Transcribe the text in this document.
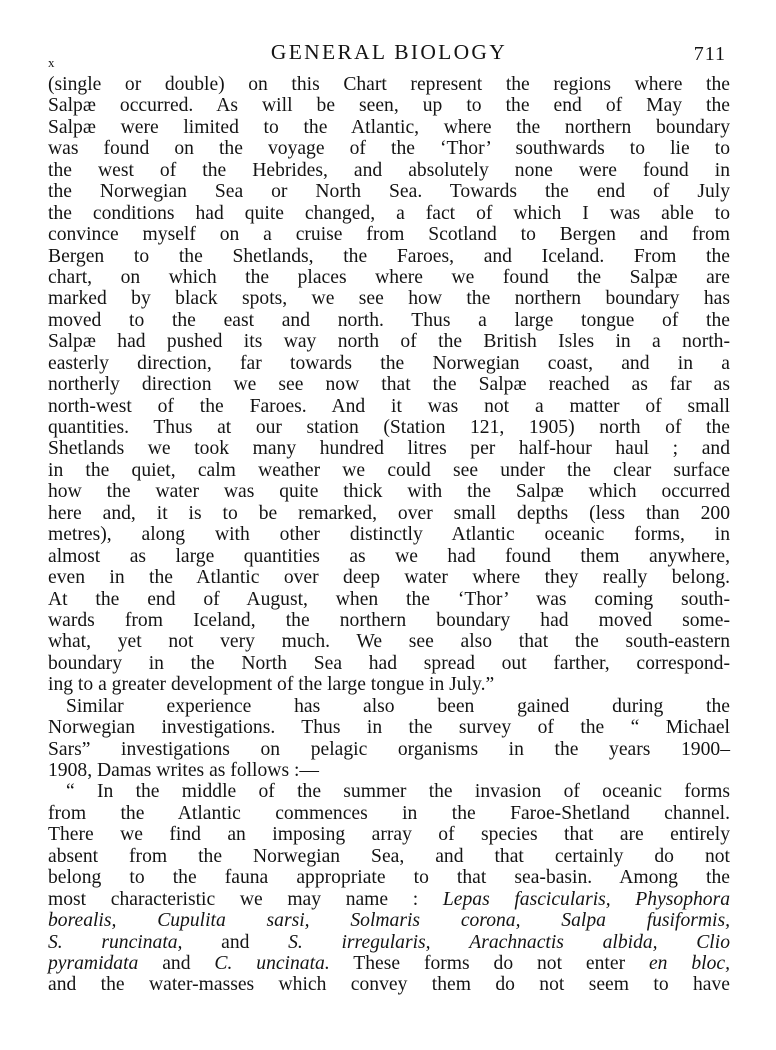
x	GENERAL BIOLOGY	711
(single or double) on this Chart represent the regions where the
Salpæ occurred. As will be seen, up to the end of May the
Salpæ were limited to the Atlantic, where the northern boundary
was found on the voyage of the ‘Thor’ southwards to lie to
the west of the Hebrides, and absolutely none were found in
the Norwegian Sea or North Sea. Towards the end of July
the conditions had quite changed, a fact of which I was able to
convince myself on a cruise from Scotland to Bergen and from
Bergen to the Shetlands, the Faroes, and Iceland. From the
chart, on which the places where we found the Salpæ are
marked by black spots, we see how the northern boundary has
moved to the east and north. Thus a large tongue of the
Salpæ had pushed its way north of the British Isles in a north-
easterly direction, far towards the Norwegian coast, and in a
northerly direction we see now that the Salpæ reached as far as
north-west of the Faroes. And it was not a matter of small
quantities. Thus at our station (Station 121, 1905) north of the
Shetlands we took many hundred litres per half-hour haul ; and
in the quiet, calm weather we could see under the clear surface
how the water was quite thick with the Salpæ which occurred
here and, it is to be remarked, over small depths (less than 200
metres), along with other distinctly Atlantic oceanic forms, in
almost as large quantities as we had found them anywhere,
even in the Atlantic over deep water where they really belong.
At the end of August, when the ‘Thor’ was coming south-
wards from Iceland, the northern boundary had moved some-
what, yet not very much. We see also that the south-eastern
boundary in the North Sea had spread out farther, correspond-
ing to a greater development of the large tongue in July.”
Similar experience has also been gained during the
Norwegian investigations. Thus in the survey of the “ Michael
Sars” investigations on pelagic organisms in the years 1900–
1908, Damas writes as follows :—
“ In the middle of the summer the invasion of oceanic forms
from the Atlantic commences in the Faroe-Shetland channel.
There we find an imposing array of species that are entirely
absent from the Norwegian Sea, and that certainly do not
belong to the fauna appropriate to that sea-basin. Among the
most characteristic we may name : Lepas fascicularis, Physophora
borealis, Cupulita sarsi, Solmaris corona, Salpa fusiformis,
S. runcinata, and S. irregularis, Arachnactis albida, Clio
pyramidata and C. uncinata. These forms do not enter en bloc,
and the water-masses which convey them do not seem to have
